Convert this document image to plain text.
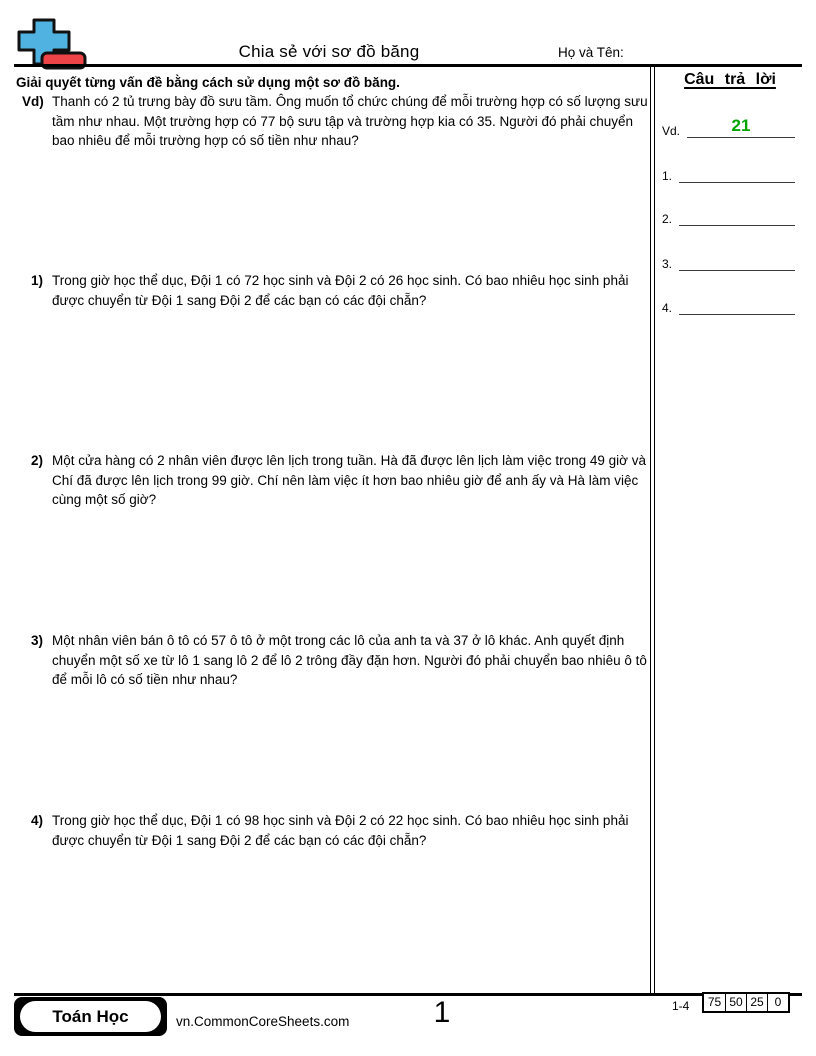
Chia sẻ với sơ đồ băng	Họ và Tên:
Giải quyết từng vấn đề bằng cách sử dụng một sơ đồ băng.
Vd) Thanh có 2 tủ trưng bày đồ sưu tầm. Ông muốn tổ chức chúng để mỗi trường hợp có số lượng sưu tầm như nhau. Một trường hợp có 77 bộ sưu tập và trường hợp kia có 35. Người đó phải chuyển bao nhiêu để mỗi trường hợp có số tiền như nhau?
1) Trong giờ học thể dục, Đội 1 có 72 học sinh và Đội 2 có 26 học sinh. Có bao nhiêu học sinh phải được chuyển từ Đội 1 sang Đội 2 để các bạn có các đội chẵn?
2) Một cửa hàng có 2 nhân viên được lên lịch trong tuần. Hà đã được lên lịch làm việc trong 49 giờ và Chí đã được lên lịch trong 99 giờ. Chí nên làm việc ít hơn bao nhiêu giờ để anh ấy và Hà làm việc cùng một số giờ?
3) Một nhân viên bán ô tô có 57 ô tô ở một trong các lô của anh ta và 37 ở lô khác. Anh quyết định chuyển một số xe từ lô 1 sang lô 2 để lô 2 trông đầy đặn hơn. Người đó phải chuyển bao nhiêu ô tô để mỗi lô có số tiền như nhau?
4) Trong giờ học thể dục, Đội 1 có 98 học sinh và Đội 2 có 22 học sinh. Có bao nhiêu học sinh phải được chuyển từ Đội 1 sang Đội 2 để các bạn có các đội chẵn?
Câu trả lời
Vd.	21
1.
2.
3.
4.
Toán Học	vn.CommonCoreSheets.com	1	1-4	75 50 25 0
